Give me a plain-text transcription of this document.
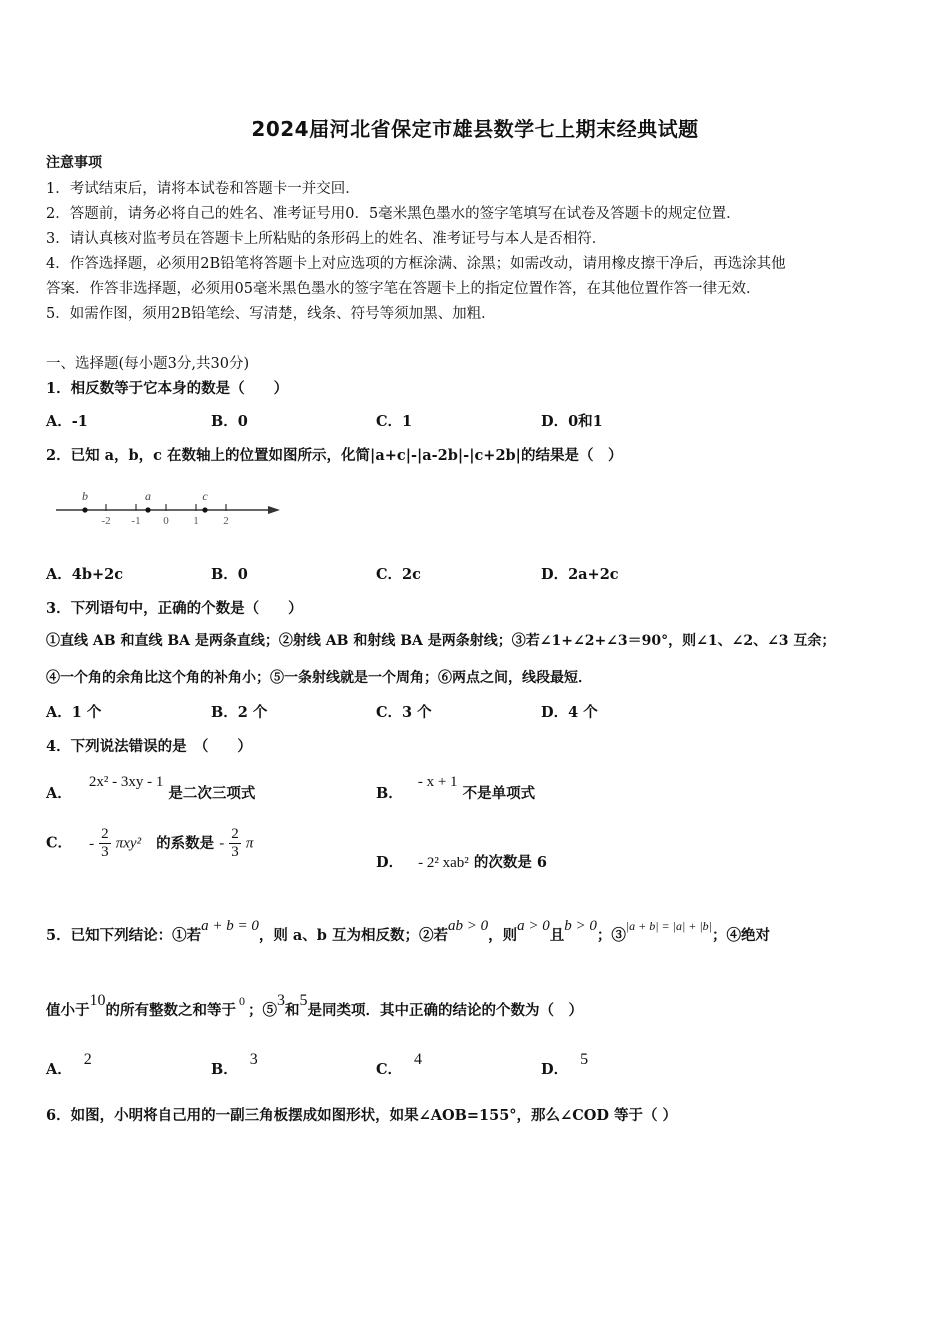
2024届河北省保定市雄县数学七上期末经典试题
注意事项
1．考试结束后，请将本试卷和答题卡一并交回．
2．答题前，请务必将自己的姓名、准考证号用0．5毫米黑色墨水的签字笔填写在试卷及答题卡的规定位置．
3．请认真核对监考员在答题卡上所粘贴的条形码上的姓名、准考证号与本人是否相符．
4．作答选择题，必须用2B铅笔将答题卡上对应选项的方框涂满、涂黑；如需改动，请用橡皮擦干净后，再选涂其他
答案．作答非选择题，必须用05毫米黑色墨水的签字笔在答题卡上的指定位置作答，在其他位置作答一律无效．
5．如需作图，须用2B铅笔绘、写清楚，线条、符号等须加黑、加粗．
一、选择题(每小题3分,共30分)
1．相反数等于它本身的数是（　　）
A．-1	B．0	C．1	D．0和1
2．已知 a，b，c 在数轴上的位置如图所示，化简|a+c|-|a-2b|-|c+2b|的结果是（　）
-2 -1 0 1 2
b	a	c
A．4b+2c	B．0	C．2c	D．2a+2c
3．下列语句中，正确的个数是（　　）
①直线 AB 和直线 BA 是两条直线；②射线 AB 和射线 BA 是两条射线；③若∠1+∠2+∠3＝90°，则∠1、∠2、∠3 互余；
④一个角的余角比这个角的补角小；⑤一条射线就是一个周角；⑥两点之间，线段最短．
A．1 个	B．2 个	C．3 个	D．4 个
4．下列说法错误的是　（　　）
A． 2x² - 3xy - 1 是二次三项式	B． - x + 1 不是单项式
C． - $\frac{2}{3} \pi xy^2$ 的系数是 - $\frac{2}{3}$ π
D． - 2² xab² 的次数是 6
5．已知下列结论：①若a + b = 0，则 a、b 互为相反数；②若ab > 0，则a > 0且b > 0；③$^{|a + b| = |a| + |b|}$；④绝对
值小于10的所有整数之和等于$^0$；⑤3和5是同类项．其中正确的结论的个数为（　）
A．2
B．3
C．4
D．5
6．如图，小明将自己用的一副三角板摆成如图形状，如果∠AOB=155°，那么∠COD 等于（ ）
